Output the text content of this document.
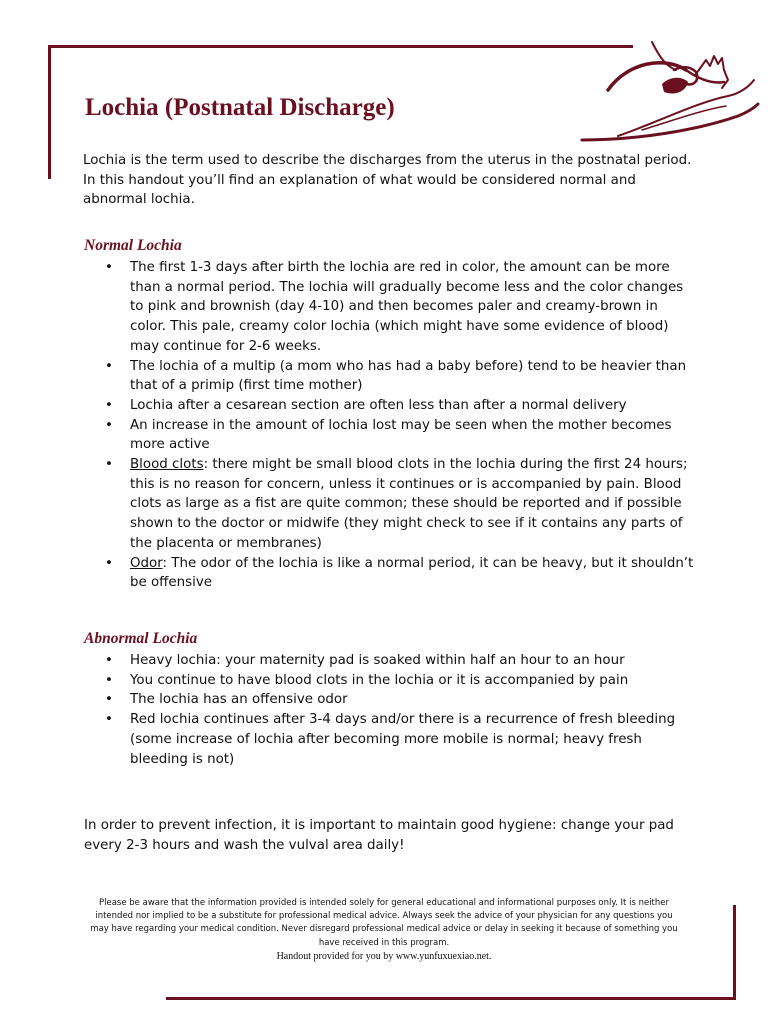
Lochia (Postnatal Discharge)

Lochia is the term used to describe the discharges from the uterus in the postnatal period. In this handout you’ll find an explanation of what would be considered normal and abnormal lochia.

Normal Lochia
• The first 1-3 days after birth the lochia are red in color, the amount can be more than a normal period. The lochia will gradually become less and the color changes to pink and brownish (day 4-10) and then becomes paler and creamy-brown in color. This pale, creamy color lochia (which might have some evidence of blood) may continue for 2-6 weeks.
• The lochia of a multip (a mom who has had a baby before) tend to be heavier than that of a primip (first time mother)
• Lochia after a cesarean section are often less than after a normal delivery
• An increase in the amount of lochia lost may be seen when the mother becomes more active
• Blood clots: there might be small blood clots in the lochia during the first 24 hours; this is no reason for concern, unless it continues or is accompanied by pain. Blood clots as large as a fist are quite common; these should be reported and if possible shown to the doctor or midwife (they might check to see if it contains any parts of the placenta or membranes)
• Odor: The odor of the lochia is like a normal period, it can be heavy, but it shouldn’t be offensive
Abnormal Lochia
• Heavy lochia: your maternity pad is soaked within half an hour to an hour
• You continue to have blood clots in the lochia or it is accompanied by pain
• The lochia has an offensive odor
• Red lochia continues after 3-4 days and/or there is a recurrence of fresh bleeding (some increase of lochia after becoming more mobile is normal; heavy fresh bleeding is not)

In order to prevent infection, it is important to maintain good hygiene: change your pad every 2-3 hours and wash the vulval area daily!

Please be aware that the information provided is intended solely for general educational and informational purposes only. It is neither intended nor implied to be a substitute for professional medical advice. Always seek the advice of your physician for any questions you may have regarding your medical condition. Never disregard professional medical advice or delay in seeking it because of something you have received in this program.
Handout provided for you by www.yunfuxuexiao.net.
